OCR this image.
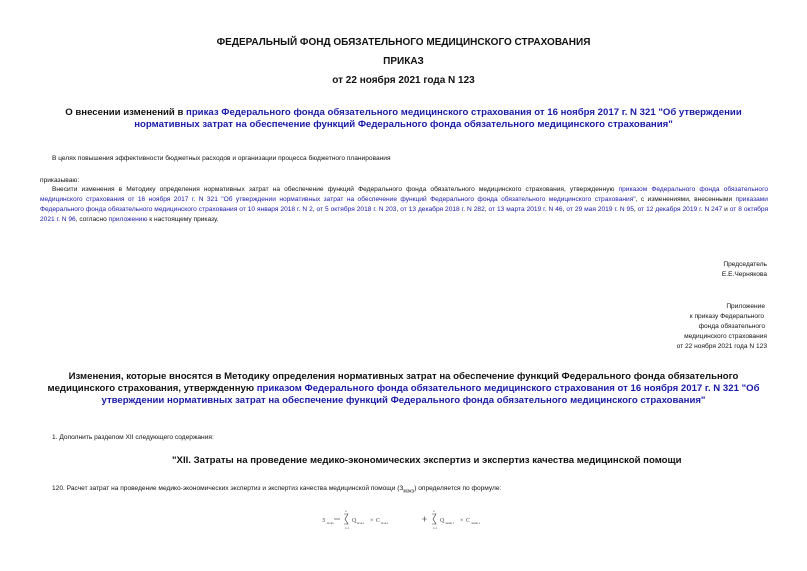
ФЕДЕРАЛЬНЫЙ ФОНД ОБЯЗАТЕЛЬНОГО МЕДИЦИНСКОГО СТРАХОВАНИЯ
ПРИКАЗ
от 22 ноября 2021 года N 123
О внесении изменений в приказ Федерального фонда обязательного медицинского страхования от 16 ноября 2017 г. N 321 "Об утверждении нормативных затрат на обеспечение функций Федерального фонда обязательного медицинского страхования"
В целях повышения эффективности бюджетных расходов и организации процесса бюджетного планирования
приказываю:
Внесити изменения в Методику определения нормативных затрат на обеспечение функций Федерального фонда обязательного медицинского страхования, утвержденную приказом Федерального фонда обязательного медицинского страхования от 16 ноября 2017 г. N 321 "Об утверждении нормативных затрат на обеспечение функций Федерального фонда обязательного медицинского страхования", с изменениями, внесенными приказами Федерального фонда обязательного медицинского страхования от 10 января 2018 г. N 2, от 5 октября 2018 г. N 203, от 13 декабря 2018 г. N 282, от 13 марта 2019 г. N 46, от 29 мая 2019 г. N 95, от 12 декабря 2019 г. N 247 и от 8 октября 2021 г. N 96, согласно приложению к настоящему приказу.
Председатель
Е.Е.Чернякова
Приложение
к приказу Федерального
фонда обязательного
медицинского страхования
от 22 ноября 2021 года N 123
Изменения, которые вносятся в Методику определения нормативных затрат на обеспечение функций Федерального фонда обязательного медицинского страхования, утвержденную приказом Федерального фонда обязательного медицинского страхования от 16 ноября 2017 г. N 321 "Об утверждении нормативных затрат на обеспечение функций Федерального фонда обязательного медицинского страхования"
1. Дополнить разделом XII следующего содержания:
"XII. Затраты на проведение медико-экономических экспертиз и экспертиз качества медицинской помощи
120. Расчет затрат на проведение медико-экономических экспертиз и экспертиз качества медицинской помощи $(З_{мэкэ})$ определяется по формуле:
З мэкэ
n
i=1
Q мэк i × С мэк i
n
i=1
Q экмп i × С экмп i
